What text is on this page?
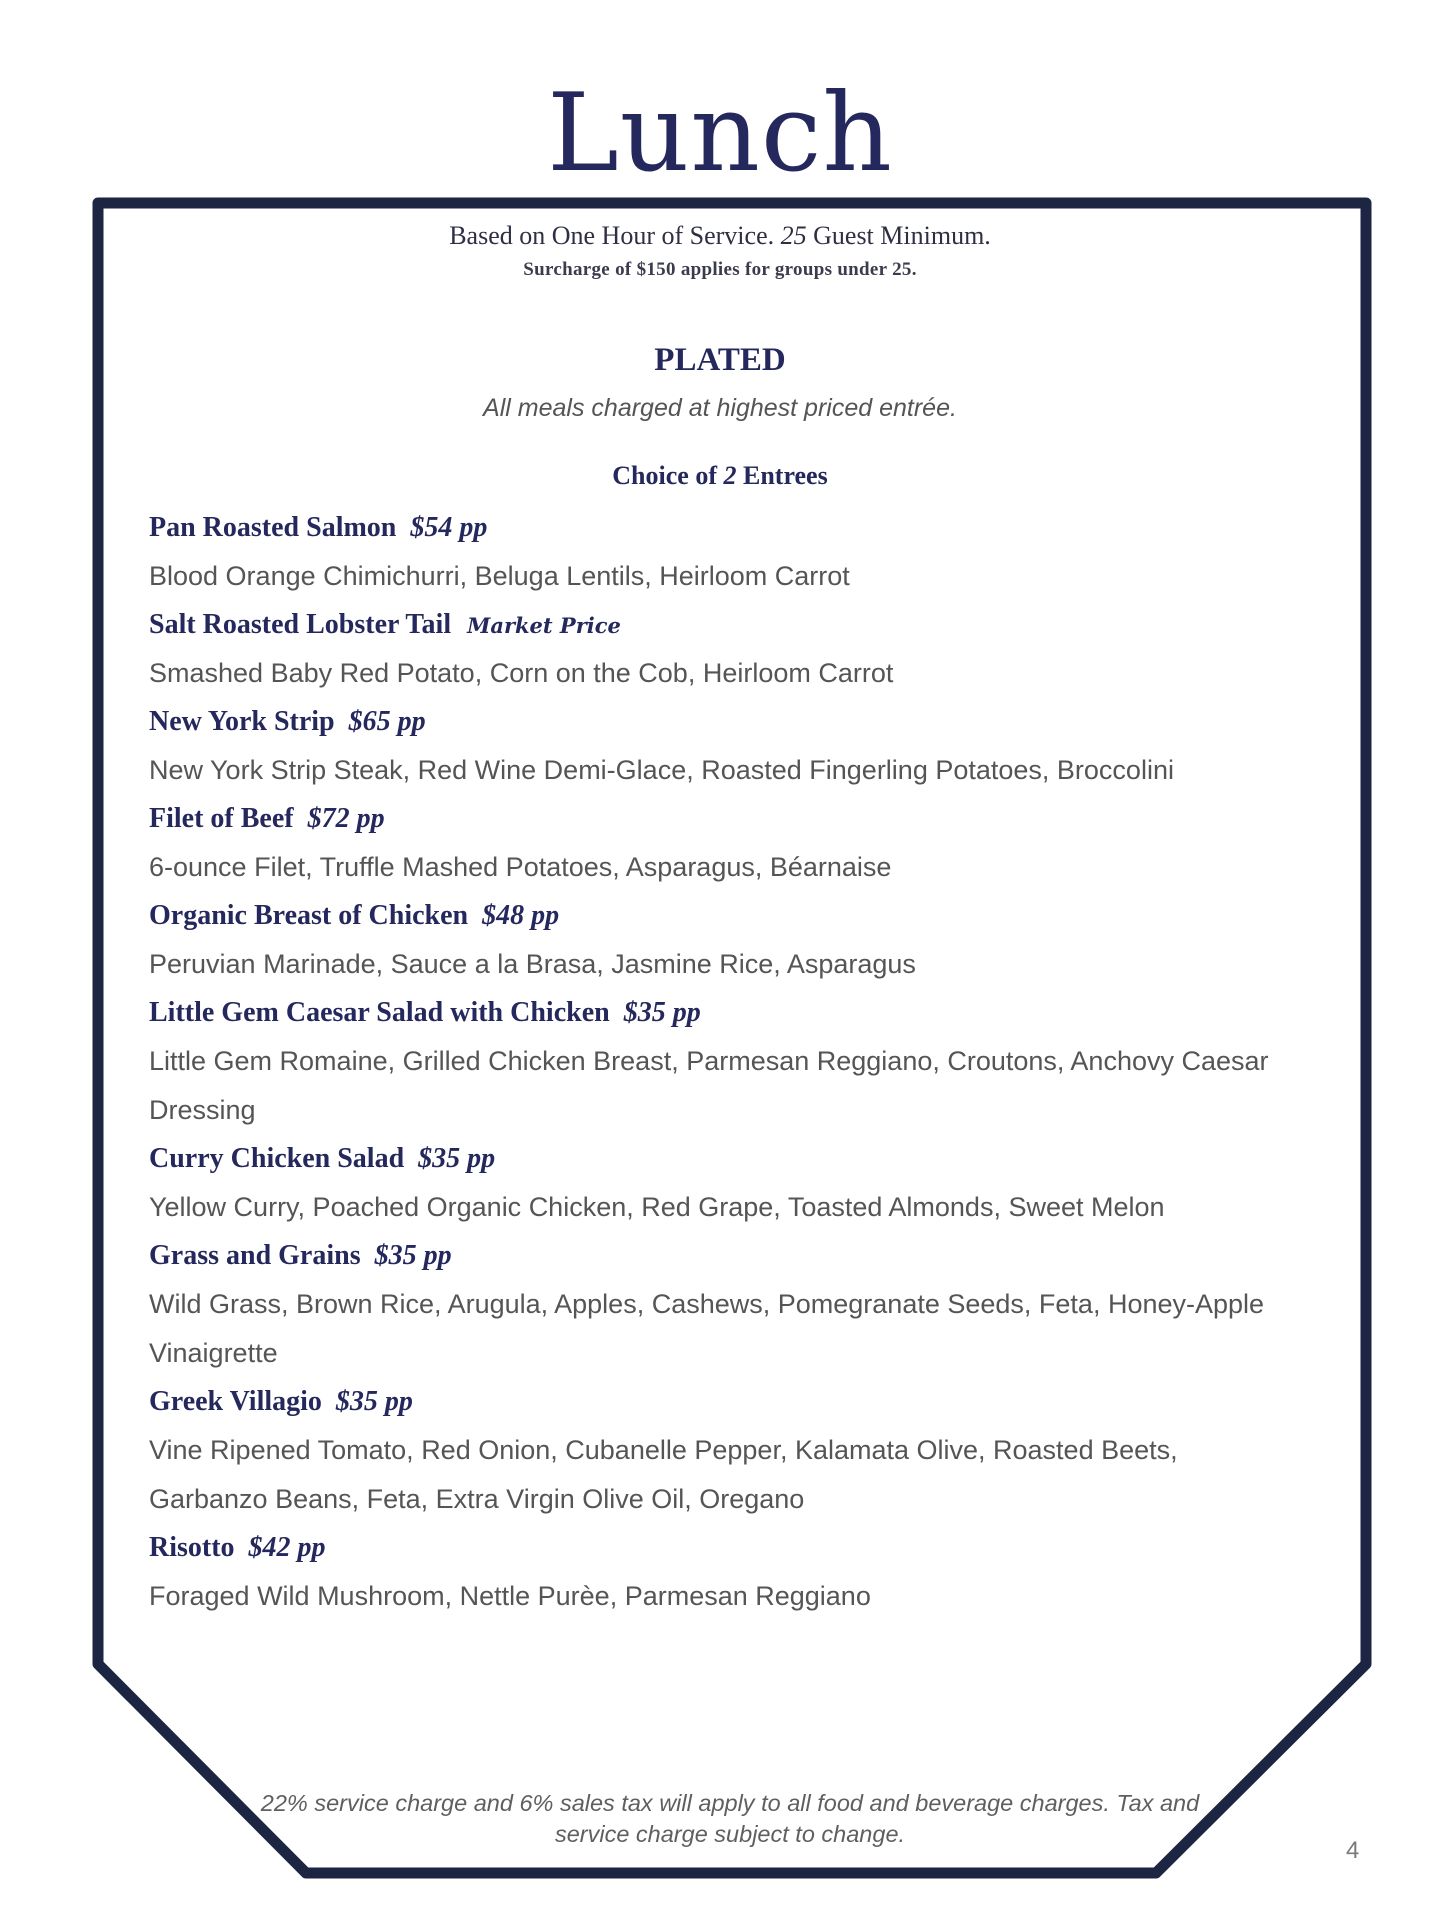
Lunch
Based on One Hour of Service. 25 Guest Minimum.
Surcharge of $150 applies for groups under 25.
PLATED
All meals charged at highest priced entrée.
Choice of 2 Entrees
Pan Roasted Salmon $54 pp
Blood Orange Chimichurri, Beluga Lentils, Heirloom Carrot
Salt Roasted Lobster Tail Market Price
Smashed Baby Red Potato, Corn on the Cob, Heirloom Carrot
New York Strip $65 pp
New York Strip Steak, Red Wine Demi-Glace, Roasted Fingerling Potatoes, Broccolini
Filet of Beef $72 pp
6-ounce Filet, Truffle Mashed Potatoes, Asparagus, Béarnaise
Organic Breast of Chicken $48 pp
Peruvian Marinade, Sauce a la Brasa, Jasmine Rice, Asparagus
Little Gem Caesar Salad with Chicken $35 pp
Little Gem Romaine, Grilled Chicken Breast, Parmesan Reggiano, Croutons, Anchovy Caesar Dressing
Curry Chicken Salad $35 pp
Yellow Curry, Poached Organic Chicken, Red Grape, Toasted Almonds, Sweet Melon
Grass and Grains $35 pp
Wild Grass, Brown Rice, Arugula, Apples, Cashews, Pomegranate Seeds, Feta, Honey-Apple Vinaigrette
Greek Villagio $35 pp
Vine Ripened Tomato, Red Onion, Cubanelle Pepper, Kalamata Olive, Roasted Beets, Garbanzo Beans, Feta, Extra Virgin Olive Oil, Oregano
Risotto $42 pp
Foraged Wild Mushroom, Nettle Purèe, Parmesan Reggiano
22% service charge and 6% sales tax will apply to all food and beverage charges. Tax and service charge subject to change.
4
